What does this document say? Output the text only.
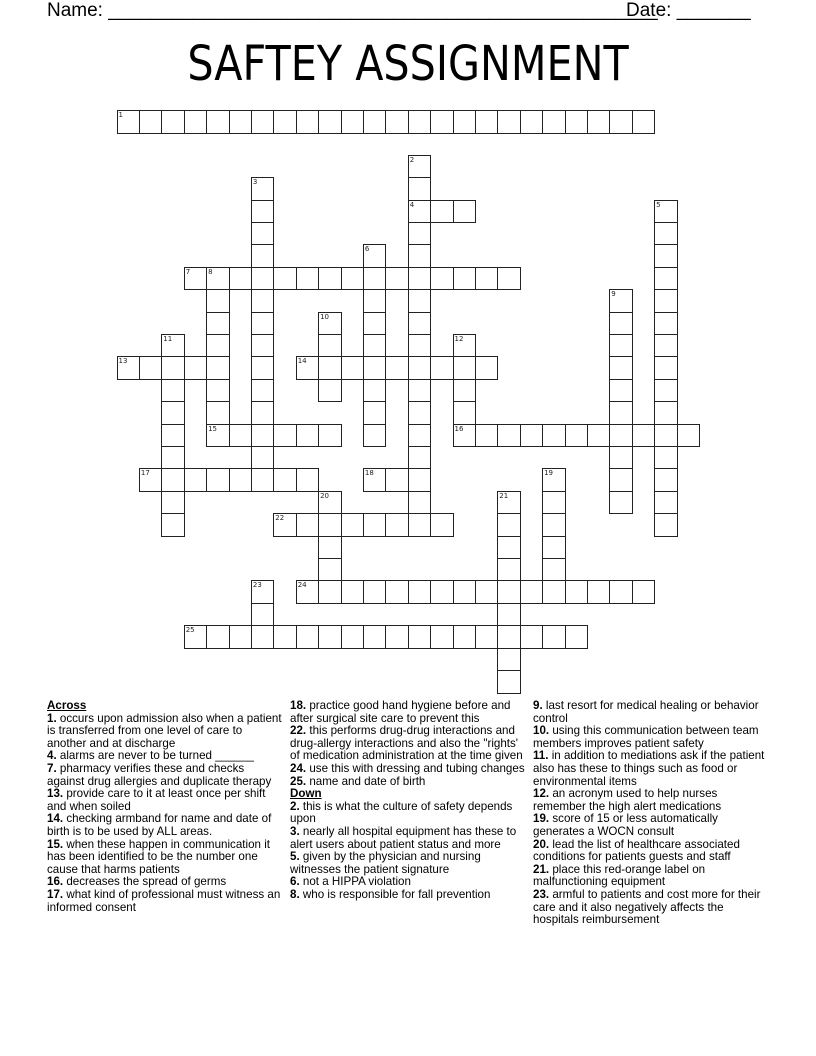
Name: ____________________________________________________
Date: _______
SAFTEY ASSIGNMENT
1
2
4
3
5
6
7	8
15
9
10
11	12
16
13	14
17	18	19
20	21
22
23	24
25
Across
1. occurs upon admission also when a patient is transferred from one level of care to another and at discharge
4. alarms are never to be turned ______
7. pharmacy verifies these and checks against drug allergies and duplicate therapy
13. provide care to it at least once per shift and when soiled
14. checking armband for name and date of birth is to be used by ALL areas.
15. when these happen in communication it has been identified to be the number one cause that harms patients
16. decreases the spread of germs
17. what kind of professional must witness an informed consent
18. practice good hand hygiene before and after surgical site care to prevent this
22. this performs drug-drug interactions and drug-allergy interactions and also the "rights' of medication administration at the time given
24. use this with dressing and tubing changes
25. name and date of birth
Down
2. this is what the culture of safety depends upon
3. nearly all hospital equipment has these to alert users about patient status and more
5. given by the physician and nursing witnesses the patient signature
6. not a HIPPA violation
8. who is responsible for fall prevention
9. last resort for medical healing or behavior control
10. using this communication between team members improves patient safety
11. in addition to mediations ask if the patient also has these to things such as food or environmental items
12. an acronym used to help nurses remember the high alert medications
19. score of 15 or less automatically generates a WOCN consult
20. lead the list of healthcare associated conditions for patients guests and staff
21. place this red-orange label on malfunctioning equipment
23. armful to patients and cost more for their care and it also negatively affects the hospitals reimbursement
